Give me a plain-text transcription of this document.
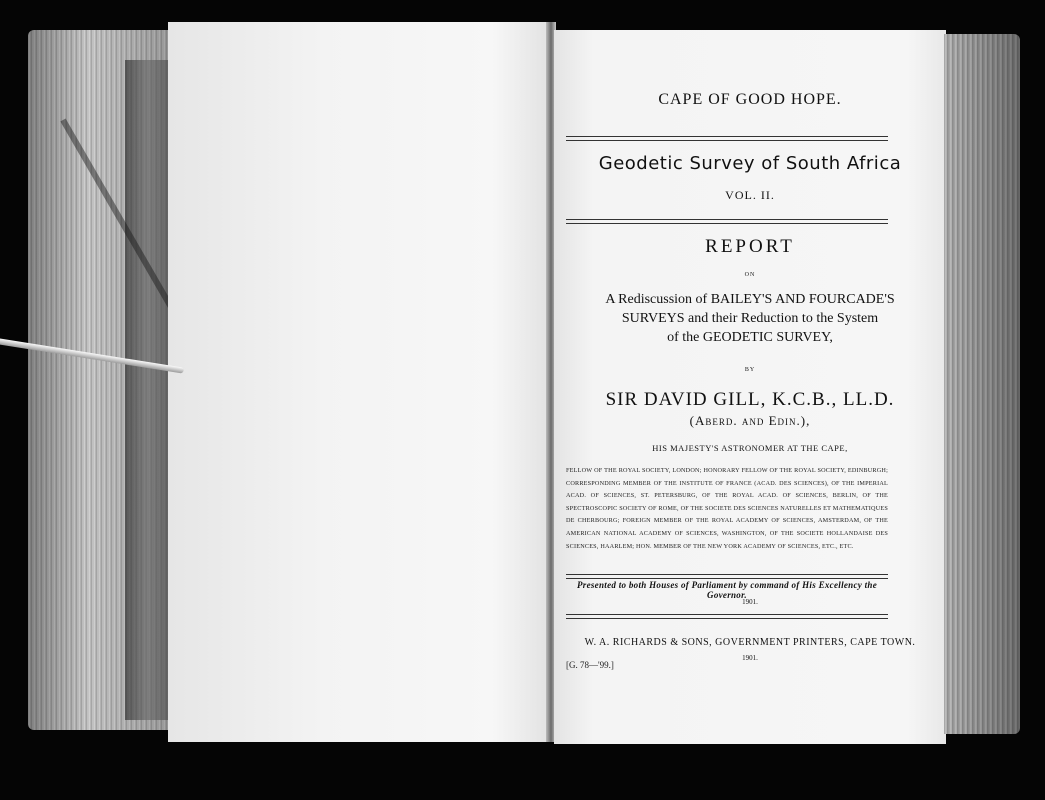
CAPE OF GOOD HOPE.
Geodetic Survey of South Africa
VOL. II.
REPORT
ON
A Rediscussion of BAILEY'S AND FOURCADE'S
SURVEYS and their Reduction to the System
of the GEODETIC SURVEY,
BY
SIR DAVID GILL, K.C.B., LL.D.
(Aberd. and Edin.),
HIS MAJESTY'S ASTRONOMER AT THE CAPE,
FELLOW OF THE ROYAL SOCIETY, LONDON; HONORARY FELLOW OF THE ROYAL SOCIETY, EDINBURGH; CORRESPONDING MEMBER OF THE INSTITUTE OF FRANCE (ACAD. DES SCIENCES), OF THE IMPERIAL ACAD. OF SCIENCES, ST. PETERSBURG, OF THE ROYAL ACAD. OF SCIENCES, BERLIN, OF THE SPECTROSCOPIC SOCIETY OF ROME, OF THE SOCIETE DES SCIENCES NATURELLES ET MATHEMATIQUES DE CHERBOURG; FOREIGN MEMBER OF THE ROYAL ACADEMY OF SCIENCES, AMSTERDAM, OF THE AMERICAN NATIONAL ACADEMY OF SCIENCES, WASHINGTON, OF THE SOCIETE HOLLANDAISE DES SCIENCES, HAARLEM; HON. MEMBER OF THE NEW YORK ACADEMY OF SCIENCES, ETC., ETC.
Presented to both Houses of Parliament by command of His Excellency the Governor.
1901.
W. A. RICHARDS & SONS, GOVERNMENT PRINTERS, CAPE TOWN.
1901.
[G. 78—'99.]
